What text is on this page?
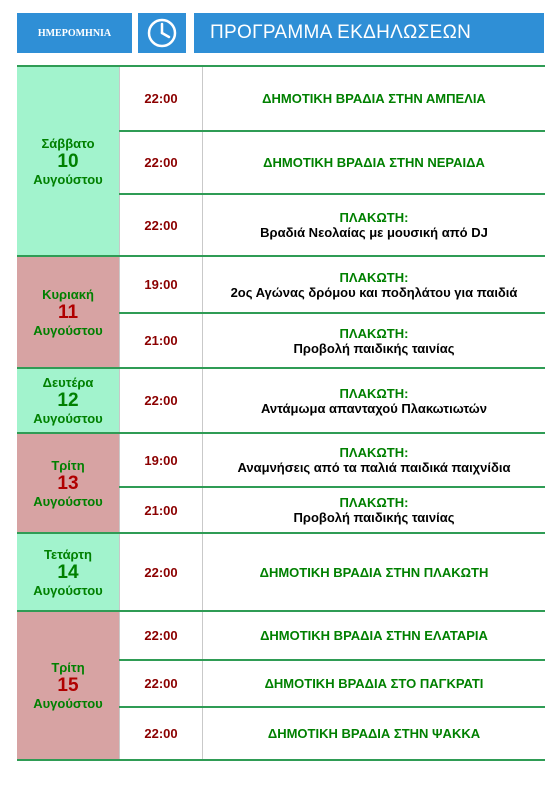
ΗΜΕΡΟΜΗΝΙΑ	ΠΡΟΓΡΑΜΜΑ ΕΚΔΗΛΩΣΕΩΝ
Σάββατο
10
Αυγούστου
22:00	ΔΗΜΟΤΙΚΗ ΒΡΑΔΙΑ ΣΤΗΝ ΑΜΠΕΛΙΑ
22:00	ΔΗΜΟΤΙΚΗ ΒΡΑΔΙΑ ΣΤΗΝ ΝΕΡΑΙΔΑ
22:00	ΠΛΑΚΩΤΗ:
Βραδιά Νεολαίας με μουσική από DJ
Κυριακή
11
Αυγούστου
19:00	ΠΛΑΚΩΤΗ:
2ος Αγώνας δρόμου και ποδηλάτου για παιδιά
21:00	ΠΛΑΚΩΤΗ:
Προβολή παιδικής ταινίας
Δευτέρα
12
Αυγούστου
22:00	ΠΛΑΚΩΤΗ:
Αντάμωμα απανταχού Πλακωτιωτών
Τρίτη
13
Αυγούστου
19:00	ΠΛΑΚΩΤΗ:
Αναμνήσεις από τα παλιά παιδικά παιχνίδια
21:00	ΠΛΑΚΩΤΗ:
Προβολή παιδικής ταινίας
Τετάρτη
14
Αυγούστου
22:00	ΔΗΜΟΤΙΚΗ ΒΡΑΔΙΑ ΣΤΗΝ ΠΛΑΚΩΤΗ
Τρίτη
15
Αυγούστου
22:00	ΔΗΜΟΤΙΚΗ ΒΡΑΔΙΑ ΣΤΗΝ ΕΛΑΤΑΡΙΑ
22:00	ΔΗΜΟΤΙΚΗ ΒΡΑΔΙΑ ΣΤΟ ΠΑΓΚΡΑΤΙ
22:00	ΔΗΜΟΤΙΚΗ ΒΡΑΔΙΑ ΣΤΗΝ ΨΑΚΚΑ
